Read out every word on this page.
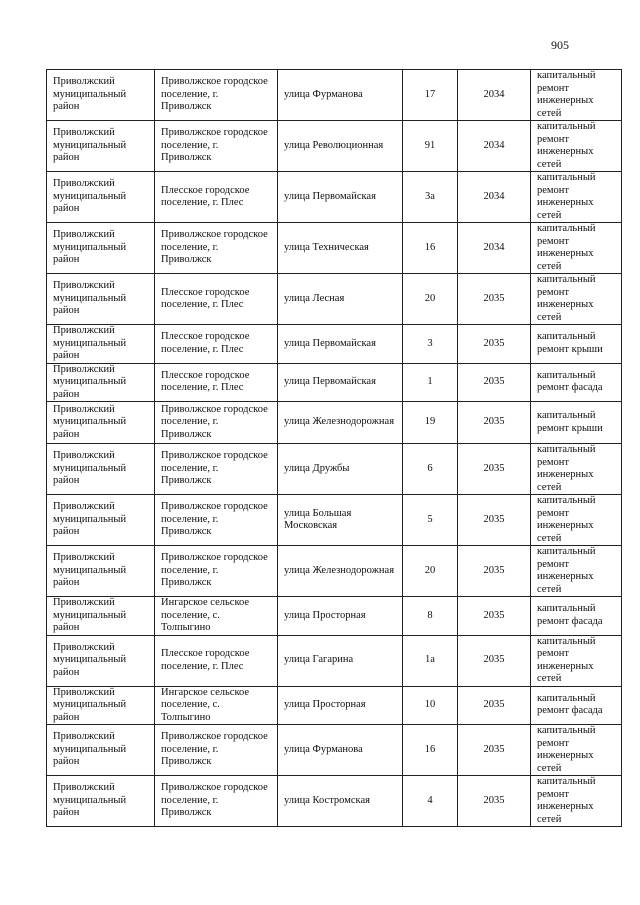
905
Приволжский муниципальный район	Приволжское городское поселение, г. Приволжск	улица Фурманова	17	2034	капитальный ремонт инженерных сетей
Приволжский муниципальный район	Приволжское городское поселение, г. Приволжск	улица Революционная	91	2034	капитальный ремонт инженерных сетей
Приволжский муниципальный район	Плесское городское поселение, г. Плес	улица Первомайская	3а	2034	капитальный ремонт инженерных сетей
Приволжский муниципальный район	Приволжское городское поселение, г. Приволжск	улица Техническая	16	2034	капитальный ремонт инженерных сетей
Приволжский муниципальный район	Плесское городское поселение, г. Плес	улица Лесная	20	2035	капитальный ремонт инженерных сетей
Приволжский муниципальный район	Плесское городское поселение, г. Плес	улица Первомайская	3	2035	капитальный ремонт крыши
Приволжский муниципальный район	Плесское городское поселение, г. Плес	улица Первомайская	1	2035	капитальный ремонт фасада
Приволжский муниципальный район	Приволжское городское поселение, г. Приволжск	улица Железнодорожная	19	2035	капитальный ремонт крыши
Приволжский муниципальный район	Приволжское городское поселение, г. Приволжск	улица Дружбы	6	2035	капитальный ремонт инженерных сетей
Приволжский муниципальный район	Приволжское городское поселение, г. Приволжск	улица Большая Московская	5	2035	капитальный ремонт инженерных сетей
Приволжский муниципальный район	Приволжское городское поселение, г. Приволжск	улица Железнодорожная	20	2035	капитальный ремонт инженерных сетей
Приволжский муниципальный район	Ингарское сельское поселение, с. Толпыгино	улица Просторная	8	2035	капитальный ремонт фасада
Приволжский муниципальный район	Плесское городское поселение, г. Плес	улица Гагарина	1а	2035	капитальный ремонт инженерных сетей
Приволжский муниципальный район	Ингарское сельское поселение, с. Толпыгино	улица Просторная	10	2035	капитальный ремонт фасада
Приволжский муниципальный район	Приволжское городское поселение, г. Приволжск	улица Фурманова	16	2035	капитальный ремонт инженерных сетей
Приволжский муниципальный район	Приволжское городское поселение, г. Приволжск	улица Костромская	4	2035	капитальный ремонт инженерных сетей
